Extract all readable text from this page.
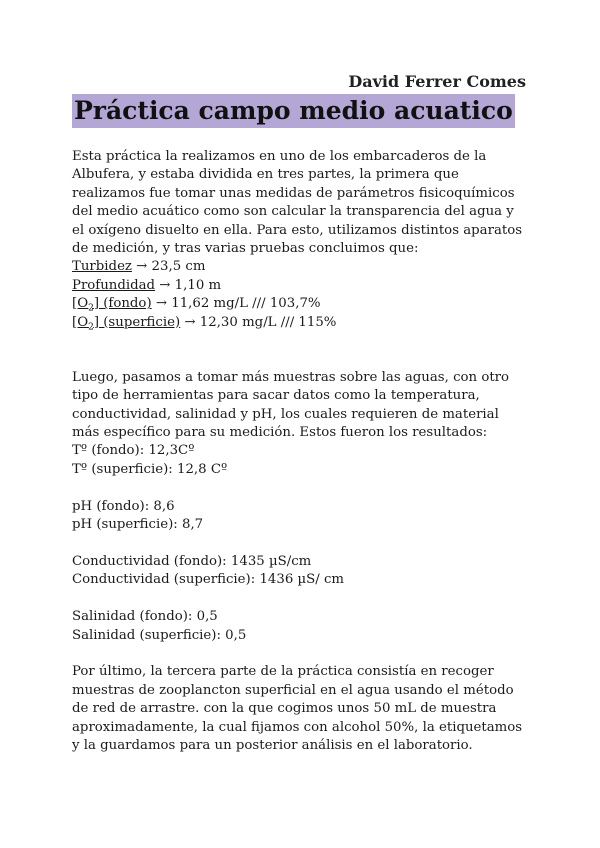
David Ferrer Comes
Práctica campo medio acuatico

Esta práctica la realizamos en uno de los embarcaderos de la Albufera, y estaba dividida en tres partes, la primera que realizamos fue tomar unas medidas de parámetros fisicoquímicos del medio acuático como son calcular la transparencia del agua y el oxígeno disuelto en ella. Para esto, utilizamos distintos aparatos de medición, y tras varias pruebas concluimos que:

Turbidez → 23,5 cm

Profundidad → 1,10 m

$[O_2]$ (fondo) → 11,62 mg/L /// 103,7%

$[O_2]$ (superficie) → 12,30 mg/L /// 115%

Luego, pasamos a tomar más muestras sobre las aguas, con otro tipo de herramientas para sacar datos como la temperatura, conductividad, salinidad y pH, los cuales requieren de material más específico para su medición. Estos fueron los resultados:

Tº (fondo): 12,3Cº

Tº (superficie): 12,8 Cº

pH (fondo): 8,6

pH (superficie): 8,7

Conductividad (fondo): 1435 µS/cm

Conductividad (superficie): 1436 µS/ cm

Salinidad (fondo): 0,5

Salinidad (superficie): 0,5

Por último, la tercera parte de la práctica consistía en recoger muestras de zooplancton superficial en el agua usando el método de red de arrastre. con la que cogimos unos 50 mL de muestra aproximadamente, la cual fijamos con alcohol 50%, la etiquetamos y la guardamos para un posterior análisis en el laboratorio.
